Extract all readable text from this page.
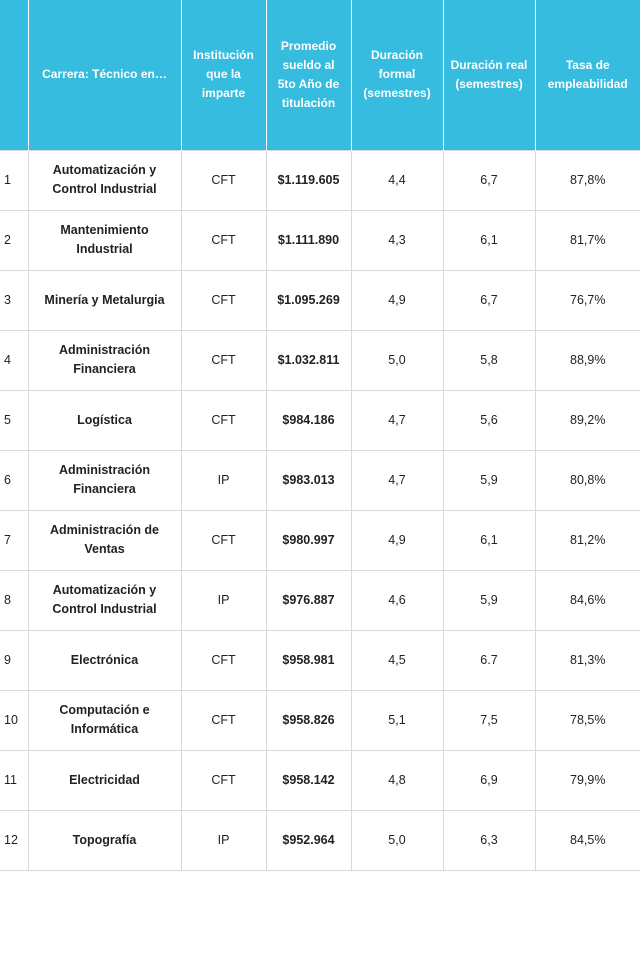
	Carrera: Técnico en…	Institución que la imparte	Promedio sueldo al 5to Año de titulación	Duración formal (semestres)	Duración real (semestres)	Tasa de empleabilidad
1	Automatización y Control Industrial	CFT	$1.119.605	4,4	6,7	87,8%
2	Mantenimiento Industrial	CFT	$1.111.890	4,3	6,1	81,7%
3	Minería y Metalurgia	CFT	$1.095.269	4,9	6,7	76,7%
4	Administración Financiera	CFT	$1.032.811	5,0	5,8	88,9%
5	Logística	CFT	$984.186	4,7	5,6	89,2%
6	Administración Financiera	IP	$983.013	4,7	5,9	80,8%
7	Administración de Ventas	CFT	$980.997	4,9	6,1	81,2%
8	Automatización y Control Industrial	IP	$976.887	4,6	5,9	84,6%
9	Electrónica	CFT	$958.981	4,5	6.7	81,3%
10	Computación e Informática	CFT	$958.826	5,1	7,5	78,5%
11	Electricidad	CFT	$958.142	4,8	6,9	79,9%
12	Topografía	IP	$952.964	5,0	6,3	84,5%
